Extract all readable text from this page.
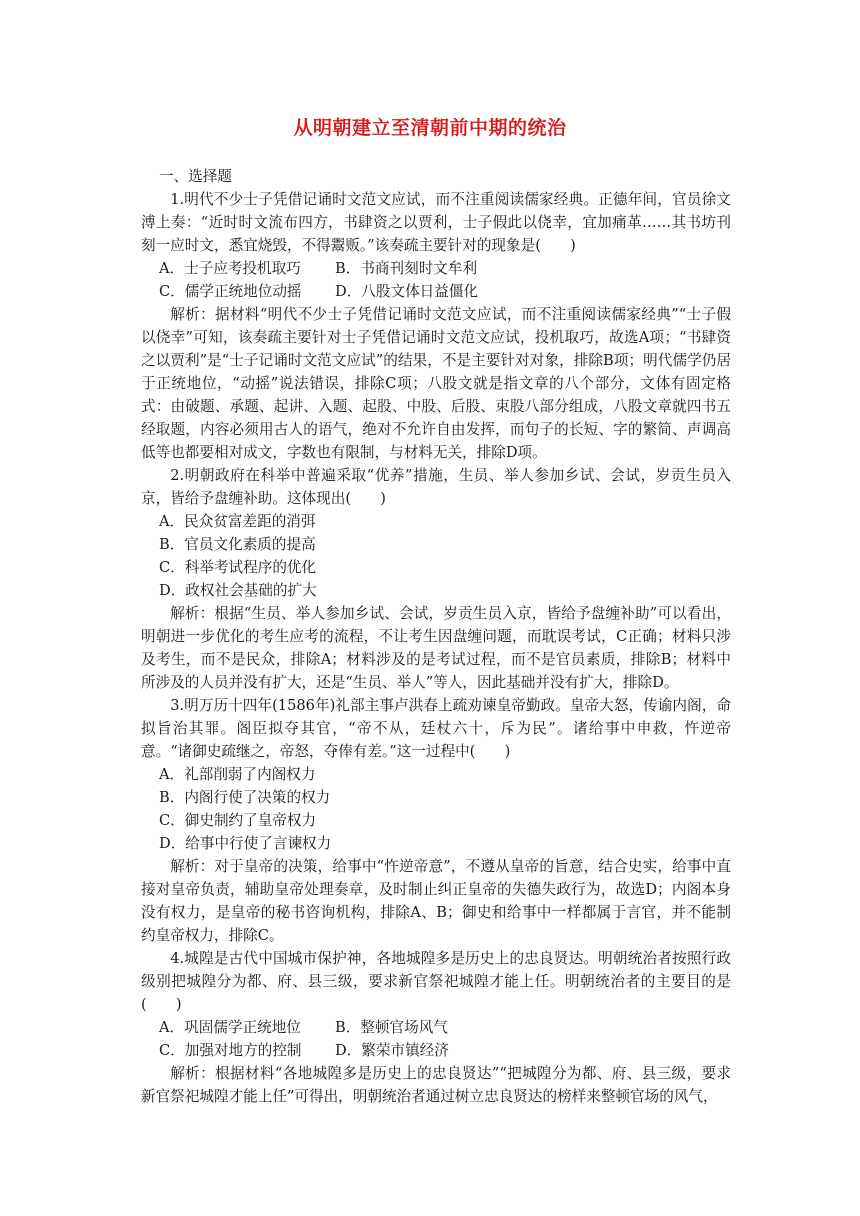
从明朝建立至清朝前中期的统治
一、选择题

1.明代不少士子凭借记诵时文范文应试，而不注重阅读儒家经典。正德年间，官员徐文溥上奏：“近时时文流布四方，书肆资之以贾利，士子假此以侥幸，宜加痛革……其书坊刊刻一应时文，悉宜烧毁，不得鬻贩。”该奏疏主要针对的现象是(　　)

A．士子应考投机取巧 B．书商刊刻时文牟利
C．儒学正统地位动摇 D．八股文体日益僵化

解析：据材料“明代不少士子凭借记诵时文范文应试，而不注重阅读儒家经典”“士子假以侥幸”可知，该奏疏主要针对士子凭借记诵时文范文应试，投机取巧，故选A项；“书肆资之以贾利”是“士子记诵时文范文应试”的结果，不是主要针对对象，排除B项；明代儒学仍居于正统地位，“动摇”说法错误，排除C项；八股文就是指文章的八个部分，文体有固定格式：由破题、承题、起讲、入题、起股、中股、后股、束股八部分组成，八股文章就四书五经取题，内容必须用古人的语气，绝对不允许自由发挥，而句子的长短、字的繁简、声调高低等也都要相对成文，字数也有限制，与材料无关，排除D项。

2.明朝政府在科举中普遍采取“优养”措施，生员、举人参加乡试、会试，岁贡生员入京，皆给予盘缠补助。这体现出(　　)

A．民众贫富差距的消弭
B．官员文化素质的提高
C．科举考试程序的优化
D．政权社会基础的扩大

解析：根据“生员、举人参加乡试、会试，岁贡生员入京，皆给予盘缠补助”可以看出，明朝进一步优化的考生应考的流程，不让考生因盘缠问题，而耽误考试，C正确；材料只涉及考生，而不是民众，排除A；材料涉及的是考试过程，而不是官员素质，排除B；材料中所涉及的人员并没有扩大，还是“生员、举人”等人，因此基础并没有扩大，排除D。

3.明万历十四年(1586年)礼部主事卢洪春上疏劝谏皇帝勤政。皇帝大怒，传谕内阁，命拟旨治其罪。阁臣拟夺其官，“帝不从，廷杖六十，斥为民”。诸给事中申救，忤逆帝意。“诸御史疏继之，帝怒，夺俸有差。”这一过程中(　　)

A．礼部削弱了内阁权力
B．内阁行使了决策的权力
C．御史制约了皇帝权力
D．给事中行使了言谏权力

解析：对于皇帝的决策，给事中“忤逆帝意”，不遵从皇帝的旨意，结合史实，给事中直接对皇帝负责，辅助皇帝处理奏章，及时制止纠正皇帝的失德失政行为，故选D；内阁本身没有权力，是皇帝的秘书咨询机构，排除A、B；御史和给事中一样都属于言官，并不能制约皇帝权力，排除C。

4.城隍是古代中国城市保护神，各地城隍多是历史上的忠良贤达。明朝统治者按照行政级别把城隍分为都、府、县三级，要求新官祭祀城隍才能上任。明朝统治者的主要目的是(　　)

A．巩固儒学正统地位 B．整顿官场风气
C．加强对地方的控制 D．繁荣市镇经济

解析：根据材料“各地城隍多是历史上的忠良贤达”“把城隍分为都、府、县三级，要求新官祭祀城隍才能上任”可得出，明朝统治者通过树立忠良贤达的榜样来整顿官场的风气，
